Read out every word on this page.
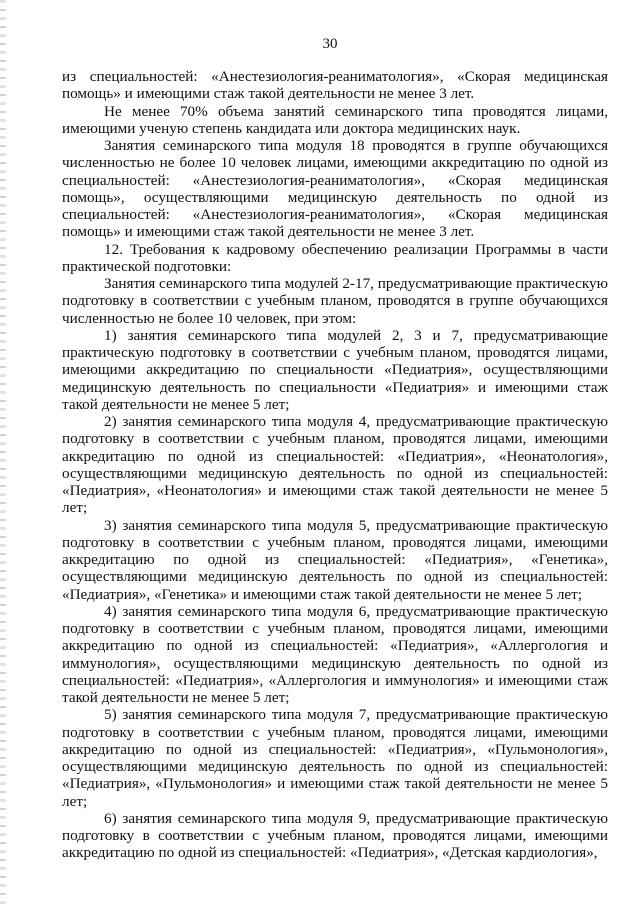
30

из специальностей: «Анестезиология-реаниматология», «Скорая медицинская помощь» и имеющими стаж такой деятельности не менее 3 лет.

Не менее 70% объема занятий семинарского типа проводятся лицами, имеющими ученую степень кандидата или доктора медицинских наук.

Занятия семинарского типа модуля 18 проводятся в группе обучающихся численностью не более 10 человек лицами, имеющими аккредитацию по одной из специальностей: «Анестезиология-реаниматология», «Скорая медицинская помощь», осуществляющими медицинскую деятельность по одной из специальностей: «Анестезиология-реаниматология», «Скорая медицинская помощь» и имеющими стаж такой деятельности не менее 3 лет.

12. Требования к кадровому обеспечению реализации Программы в части практической подготовки:

Занятия семинарского типа модулей 2-17, предусматривающие практическую подготовку в соответствии с учебным планом, проводятся в группе обучающихся численностью не более 10 человек, при этом:

1) занятия семинарского типа модулей 2, 3 и 7, предусматривающие практическую подготовку в соответствии с учебным планом, проводятся лицами, имеющими аккредитацию по специальности «Педиатрия», осуществляющими медицинскую деятельность по специальности «Педиатрия» и имеющими стаж такой деятельности не менее 5 лет;

2) занятия семинарского типа модуля 4, предусматривающие практическую подготовку в соответствии с учебным планом, проводятся лицами, имеющими аккредитацию по одной из специальностей: «Педиатрия», «Неонатология», осуществляющими медицинскую деятельность по одной из специальностей: «Педиатрия», «Неонатология» и имеющими стаж такой деятельности не менее 5 лет;

3) занятия семинарского типа модуля 5, предусматривающие практическую подготовку в соответствии с учебным планом, проводятся лицами, имеющими аккредитацию по одной из специальностей: «Педиатрия», «Генетика», осуществляющими медицинскую деятельность по одной из специальностей: «Педиатрия», «Генетика» и имеющими стаж такой деятельности не менее 5 лет;

4) занятия семинарского типа модуля 6, предусматривающие практическую подготовку в соответствии с учебным планом, проводятся лицами, имеющими аккредитацию по одной из специальностей: «Педиатрия», «Аллергология и иммунология», осуществляющими медицинскую деятельность по одной из специальностей: «Педиатрия», «Аллергология и иммунология» и имеющими стаж такой деятельности не менее 5 лет;

5) занятия семинарского типа модуля 7, предусматривающие практическую подготовку в соответствии с учебным планом, проводятся лицами, имеющими аккредитацию по одной из специальностей: «Педиатрия», «Пульмонология», осуществляющими медицинскую деятельность по одной из специальностей: «Педиатрия», «Пульмонология» и имеющими стаж такой деятельности не менее 5 лет;

6) занятия семинарского типа модуля 9, предусматривающие практическую подготовку в соответствии с учебным планом, проводятся лицами, имеющими аккредитацию по одной из специальностей: «Педиатрия», «Детская кардиология»,
